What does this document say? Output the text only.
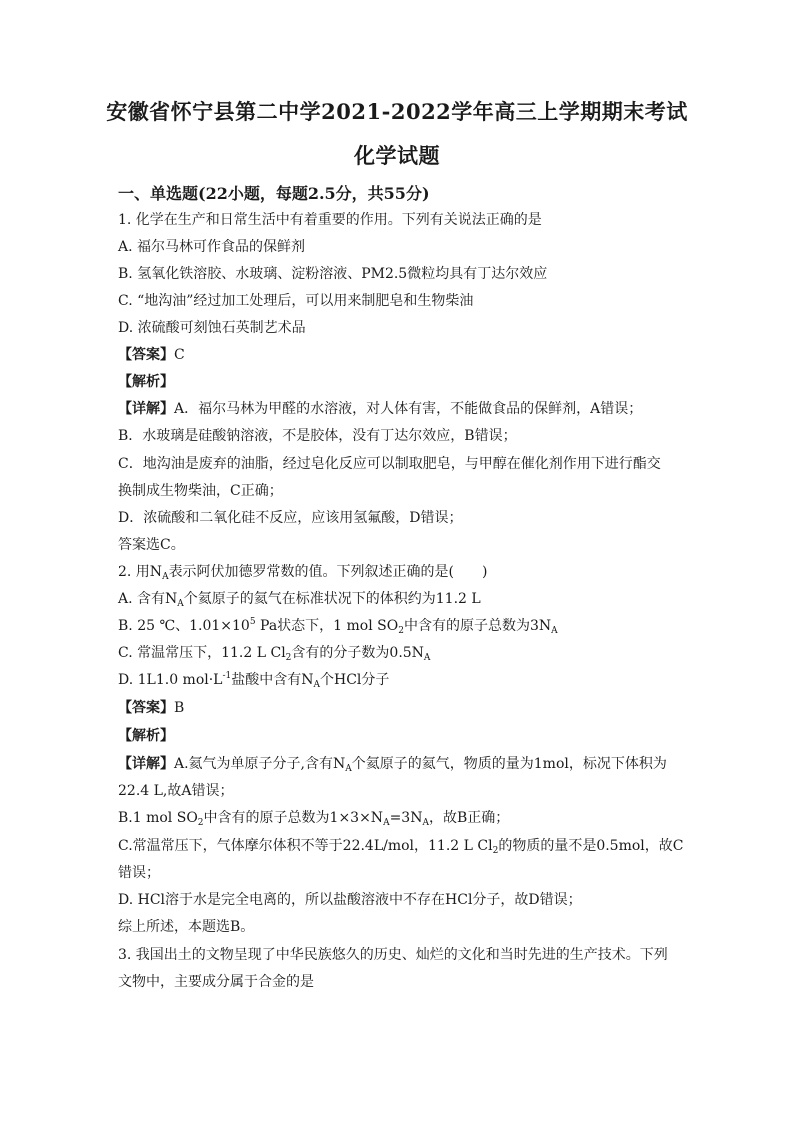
安徽省怀宁县第二中学2021-2022学年高三上学期期末考试
化学试题
一、单选题(22小题，每题2.5分，共55分)
1. 化学在生产和日常生活中有着重要的作用。下列有关说法正确的是
A. 福尔马林可作食品的保鲜剂
B. 氢氧化铁溶胶、水玻璃、淀粉溶液、PM2.5微粒均具有丁达尔效应
C. “地沟油”经过加工处理后，可以用来制肥皂和生物柴油
D. 浓硫酸可刻蚀石英制艺术品
【答案】C
【解析】
【详解】A．福尔马林为甲醛的水溶液，对人体有害，不能做食品的保鲜剂，A错误；
B．水玻璃是硅酸钠溶液，不是胶体，没有丁达尔效应，B错误；
C．地沟油是废弃的油脂，经过皂化反应可以制取肥皂，与甲醇在催化剂作用下进行酯交
换制成生物柴油，C正确；
D．浓硫酸和二氧化硅不反应，应该用氢氟酸，D错误；
答案选C。
2. 用$N_A$表示阿伏加德罗常数的值。下列叙述正确的是(　　)
A. 含有$N_A$个氦原子的氦气在标准状况下的体积约为11.2 L
B. 25 ℃、$1.01\times 10^5$ Pa状态下，1 mol $SO_2$中含有的原子总数为$3N_A$
C. 常温常压下，11.2 L $Cl_2$含有的分子数为$0.5N_A$
D. 1L1.0 $mol\cdot L^{-1}$盐酸中含有$N_A$个HCl分子
【答案】B
【解析】
【详解】A.氦气为单原子分子,含有$N_A$个氦原子的氦气，物质的量为1mol，标况下体积为
22.4 L,故A错误；
B.1 mol $SO_2$中含有的原子总数为$1\times 3\times N_A=3N_A$，故B正确；
C.常温常压下，气体摩尔体积不等于22.4L/mol，11.2 L $Cl_2$的物质的量不是0.5mol，故C
错误；
D. HCl溶于水是完全电离的，所以盐酸溶液中不存在HCl分子，故D错误；
综上所述，本题选B。
3. 我国出土的文物呈现了中华民族悠久的历史、灿烂的文化和当时先进的生产技术。下列
文物中，主要成分属于合金的是
